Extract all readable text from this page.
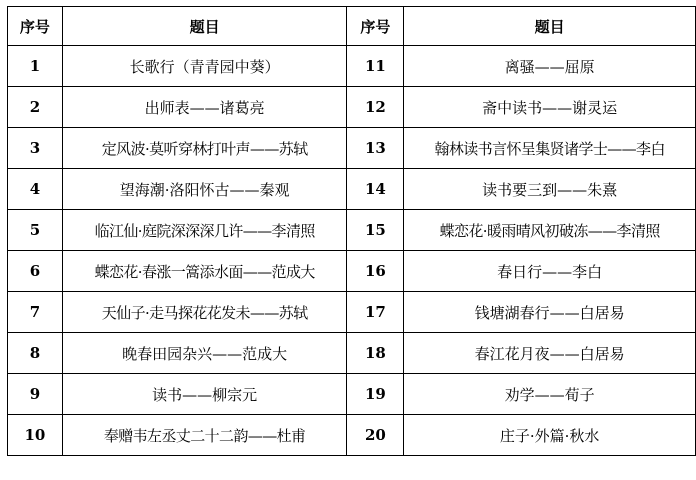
序号	题目	序号	题目
1	长歌行（青青园中葵）	11	离骚——屈原
2	出师表——诸葛亮	12	斋中读书——谢灵运
3	定风波·莫听穿林打叶声——苏轼	13	翰林读书言怀呈集贤诸学士——李白
4	望海潮·洛阳怀古——秦观	14	读书要三到——朱熹
5	临江仙·庭院深深深几许——李清照	15	蝶恋花·暖雨晴风初破冻——李清照
6	蝶恋花·春涨一篙添水面——范成大	16	春日行——李白
7	天仙子·走马探花花发未——苏轼	17	钱塘湖春行——白居易
8	晚春田园杂兴——范成大	18	春江花月夜——白居易
9	读书——柳宗元	19	劝学——荀子
10	奉赠韦左丞丈二十二韵——杜甫	20	庄子·外篇·秋水
